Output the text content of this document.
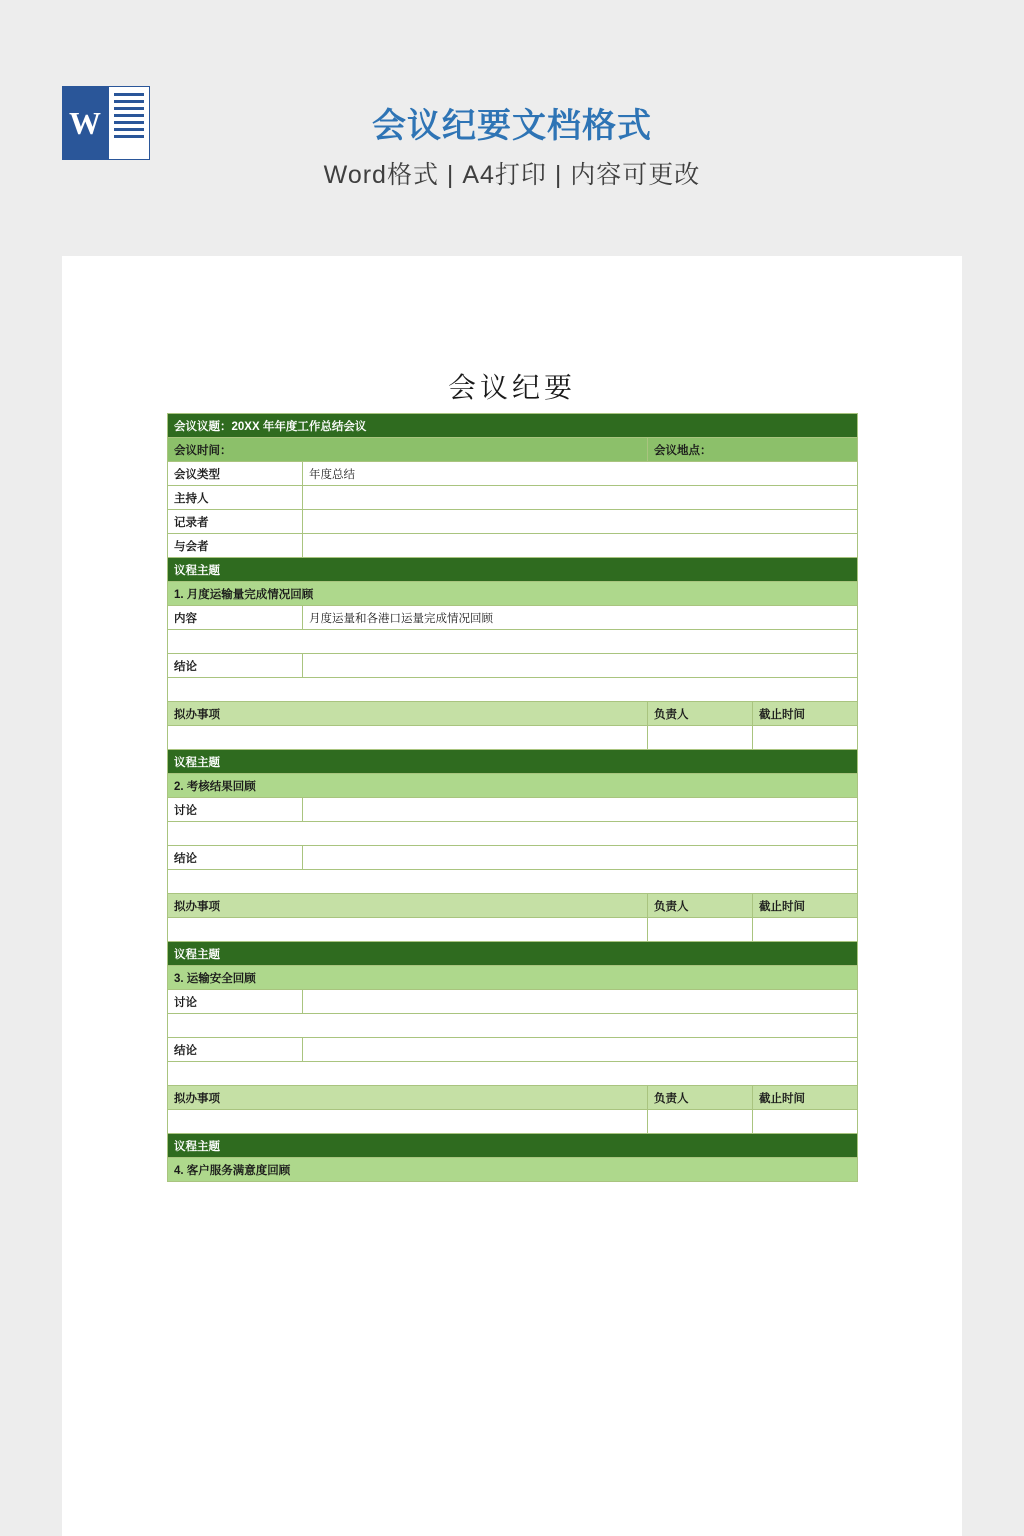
W	会议纪要文档格式
Word格式 | A4打印 | 内容可更改
会议纪要
会议议题：20XX 年年度工作总结会议			
会议时间：		会议地点：	
会议类型	年度总结		
主持人			
记录者			
与会者			
议程主题			
1. 月度运输量完成情况回顾			
内容	月度运量和各港口运量完成情况回顾		

结论			

拟办事项		负责人	截止时间

议程主题			
2. 考核结果回顾			
讨论			

结论			

拟办事项		负责人	截止时间

议程主题			
3. 运输安全回顾			
讨论			

结论			

拟办事项		负责人	截止时间

议程主题			
4. 客户服务满意度回顾			
